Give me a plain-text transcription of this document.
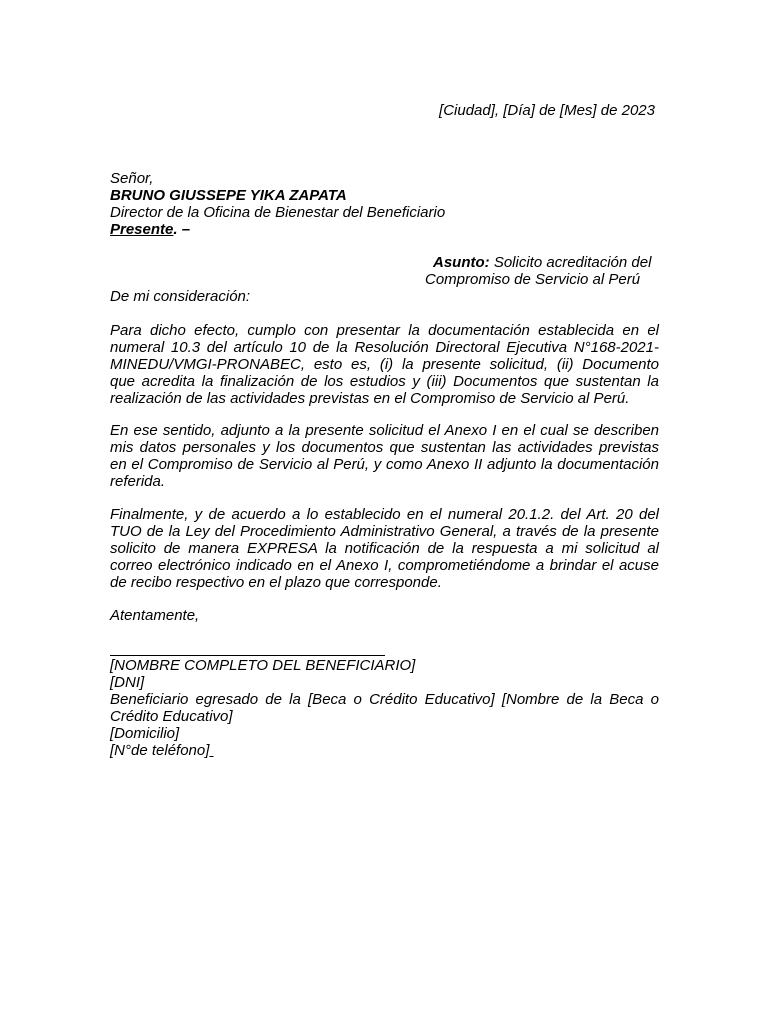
[Ciudad], [Día] de [Mes] de 2023
Señor,
BRUNO GIUSSEPE YIKA ZAPATA
Director de la Oficina de Bienestar del Beneficiario
Presente. –
Asunto: Solicito acreditación del
Compromiso de Servicio al Perú
De mi consideración:
Para dicho efecto, cumplo con presentar la documentación establecida en el
numeral 10.3 del artículo 10 de la Resolución Directoral Ejecutiva N°168-2021-
MINEDU/VMGI-PRONABEC, esto es, (i) la presente solicitud, (ii) Documento
que acredita la finalización de los estudios y (iii) Documentos que sustentan la
realización de las actividades previstas en el Compromiso de Servicio al Perú.
En ese sentido, adjunto a la presente solicitud el Anexo I en el cual se describen
mis datos personales y los documentos que sustentan las actividades previstas
en el Compromiso de Servicio al Perú, y como Anexo II adjunto la documentación
referida.
Finalmente, y de acuerdo a lo establecido en el numeral 20.1.2. del Art. 20 del
TUO de la Ley del Procedimiento Administrativo General, a través de la presente
solicito de manera EXPRESA la notificación de la respuesta a mi solicitud al
correo electrónico indicado en el Anexo I, comprometiéndome a brindar el acuse
de recibo respectivo en el plazo que corresponde.
Atentamente,
[NOMBRE COMPLETO DEL BENEFICIARIO]
[DNI]
Beneficiario egresado de la [Beca o Crédito Educativo] [Nombre de la Beca o
Crédito Educativo]
[Domicilio]
[N°de teléfono]
